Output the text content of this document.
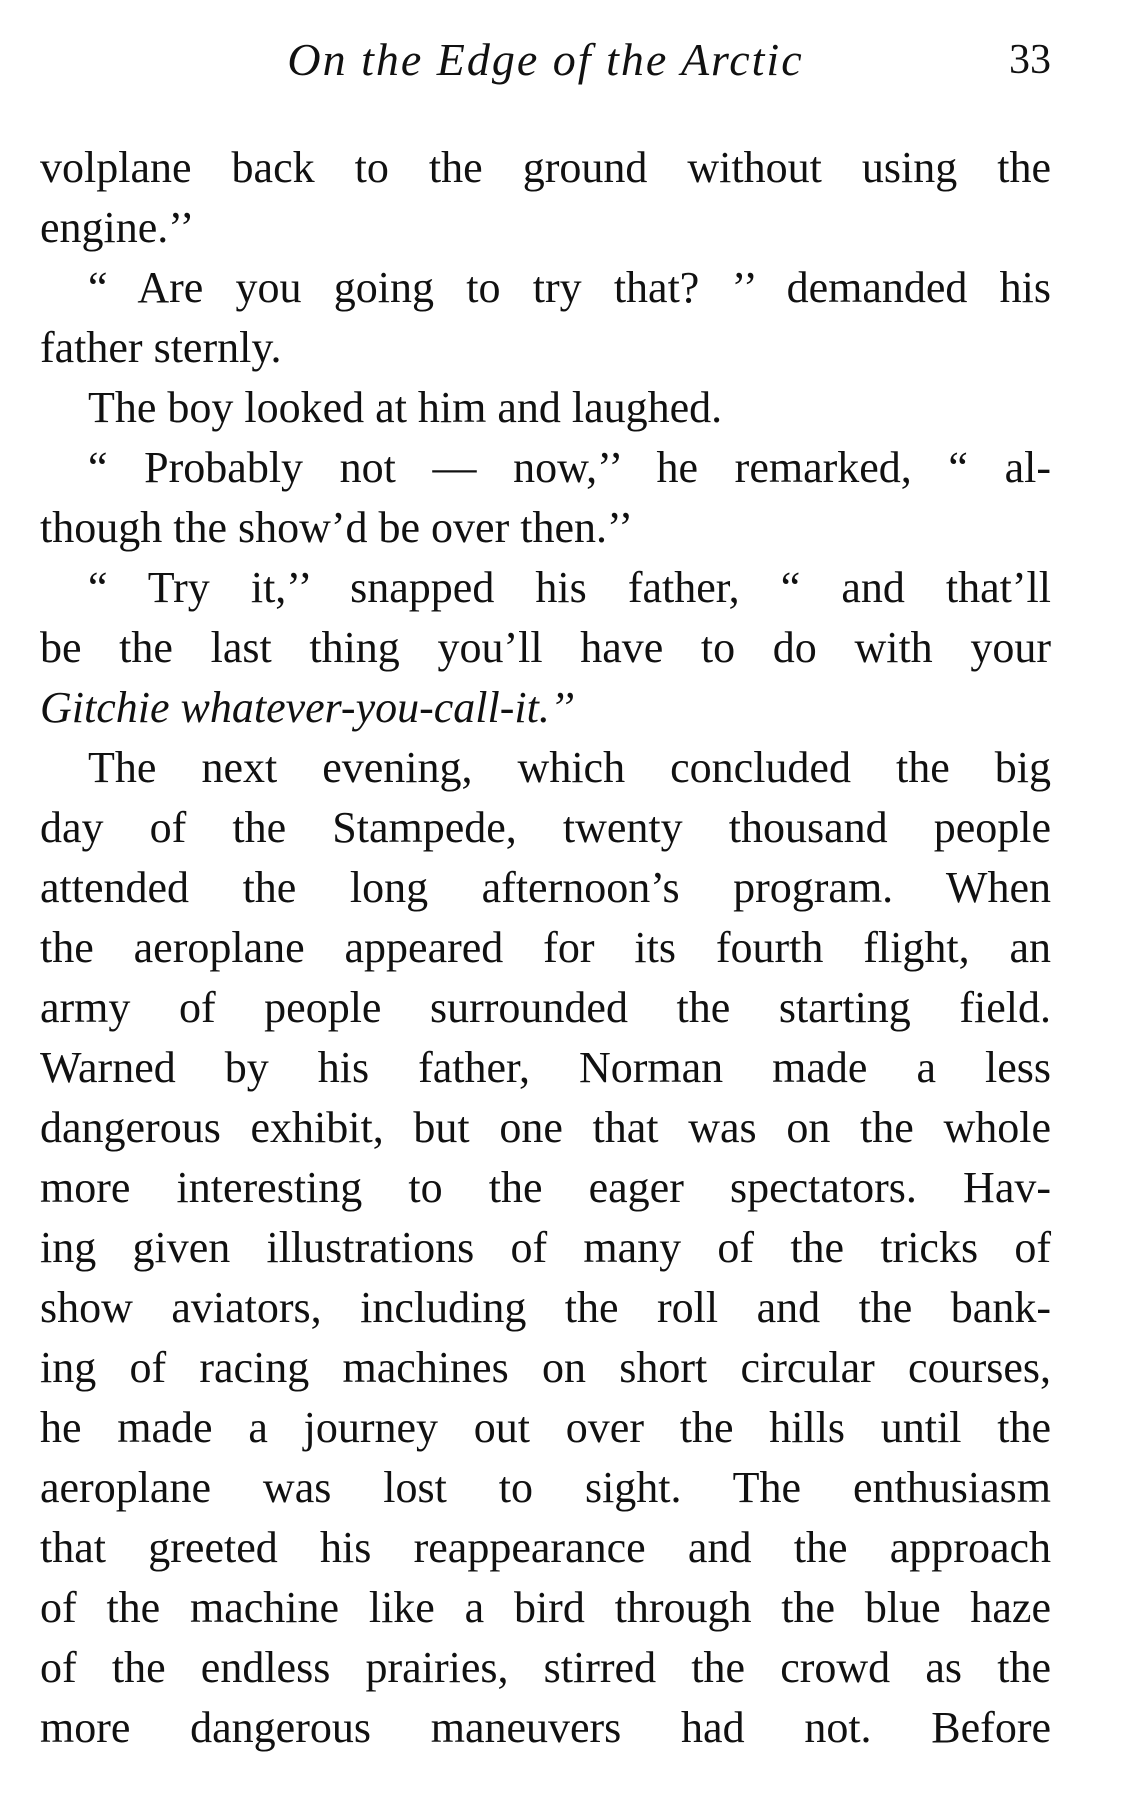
On the Edge of the Arctic	33
volplane back to the ground without using the
engine.’’
“ Are you going to try that? ’’ demanded his
father sternly.
The boy looked at him and laughed.
“ Probably not — now,’’ he remarked, “ al-
though the show’d be over then.’’
“ Try it,’’ snapped his father, “ and that’ll
be the last thing you’ll have to do with your
Gitchie whatever-you-call-it.’’
The next evening, which concluded the big
day of the Stampede, twenty thousand people
attended the long afternoon’s program. When
the aeroplane appeared for its fourth flight, an
army of people surrounded the starting field.
Warned by his father, Norman made a less
dangerous exhibit, but one that was on the whole
more interesting to the eager spectators. Hav-
ing given illustrations of many of the tricks of
show aviators, including the roll and the bank-
ing of racing machines on short circular courses,
he made a journey out over the hills until the
aeroplane was lost to sight. The enthusiasm
that greeted his reappearance and the approach
of the machine like a bird through the blue haze
of the endless prairies, stirred the crowd as the
more dangerous maneuvers had not. Before
